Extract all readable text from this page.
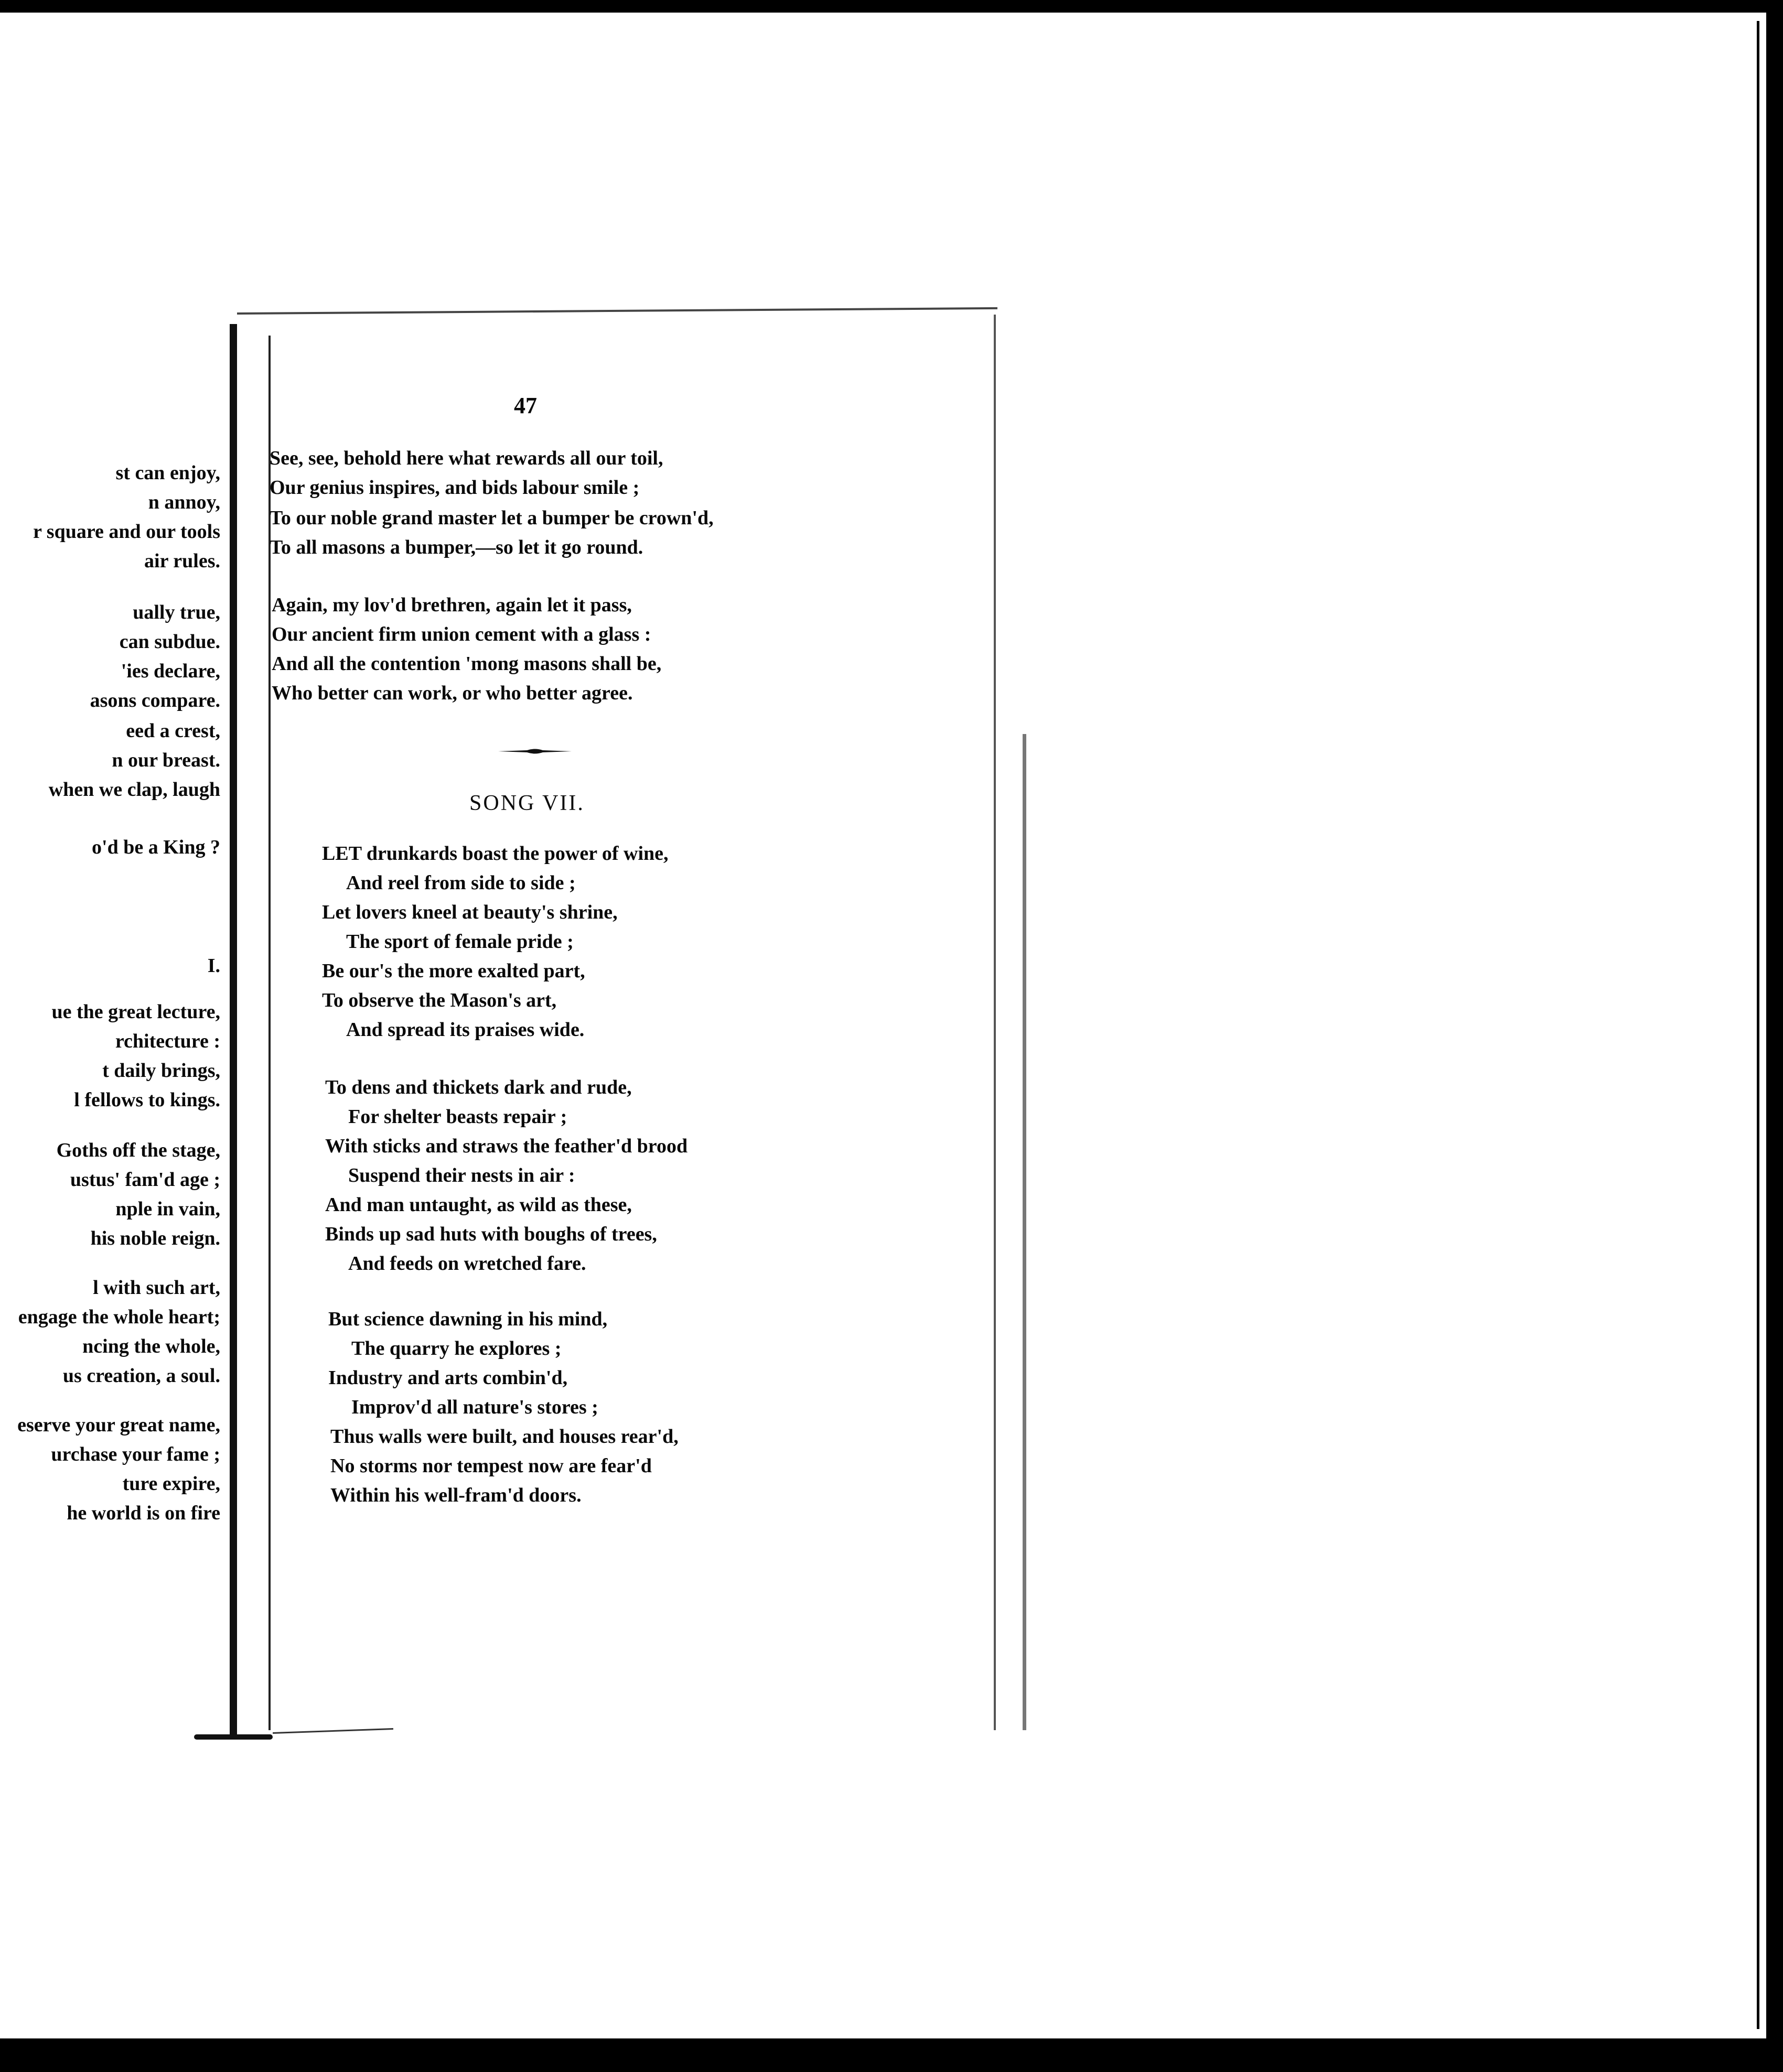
st can enjoy,
n annoy,
r square and our tools
air rules.
ually true,
can subdue.
'ies declare,
asons compare.
eed a crest,
n our breast.
when we clap, laugh
o'd be a King ?
I.
ue the great lecture,
rchitecture :
t daily brings,
l fellows to kings.
Goths off the stage,
ustus' fam'd age ;
nple in vain,
his noble reign.
l with such art,
engage the whole heart;
ncing the whole,
us creation, a soul.
eserve your great name,
urchase your fame ;
ture expire,
he world is on fire
47
See, see, behold here what rewards all our toil,
Our genius inspires, and bids labour smile ;
To our noble grand master let a bumper be crown'd,
To all masons a bumper,—so let it go round.
Again, my lov'd brethren, again let it pass,
Our ancient firm union cement with a glass :
And all the contention 'mong masons shall be,
Who better can work, or who better agree.
SONG VII.
LET drunkards boast the power of wine,
And reel from side to side ;
Let lovers kneel at beauty's shrine,
The sport of female pride ;
Be our's the more exalted part,
To observe the Mason's art,
And spread its praises wide.
To dens and thickets dark and rude,
For shelter beasts repair ;
With sticks and straws the feather'd brood
Suspend their nests in air :
And man untaught, as wild as these,
Binds up sad huts with boughs of trees,
And feeds on wretched fare.
But science dawning in his mind,
The quarry he explores ;
Industry and arts combin'd,
Improv'd all nature's stores ;
Thus walls were built, and houses rear'd,
No storms nor tempest now are fear'd
Within his well-fram'd doors.
